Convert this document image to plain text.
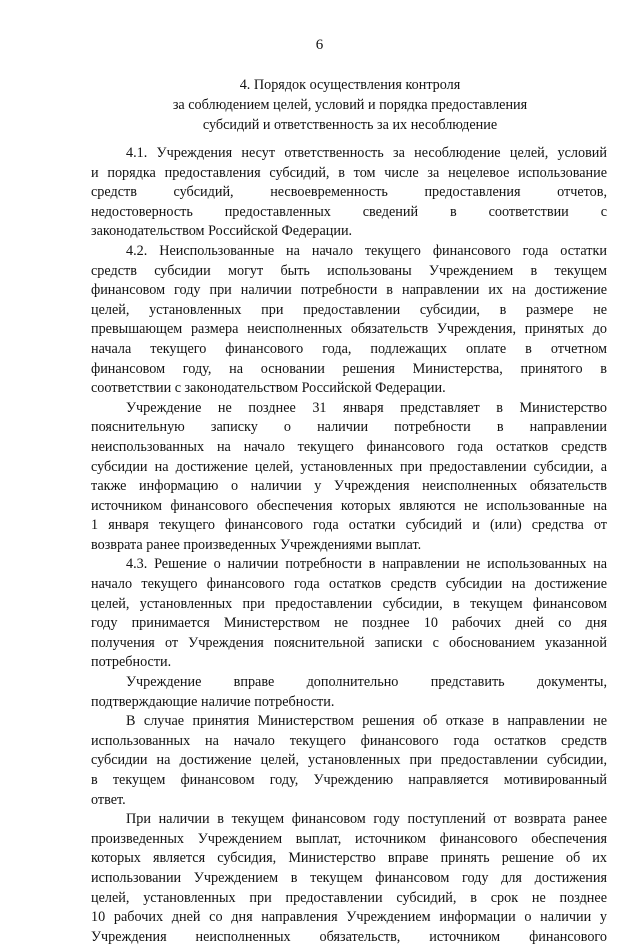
6
4. Порядок осуществления контроля
за соблюдением целей, условий и порядка предоставления
субсидий и ответственность за их несоблюдение

4.1. Учреждения несут ответственность за несоблюдение целей, условий
и порядка предоставления субсидий, в том числе за нецелевое использование
средств субсидий, несвоевременность предоставления отчетов,
недостоверность предоставленных сведений в соответствии с
законодательством Российской Федерации.

4.2. Неиспользованные на начало текущего финансового года остатки
средств субсидии могут быть использованы Учреждением в текущем
финансовом году при наличии потребности в направлении их на достижение
целей, установленных при предоставлении субсидии, в размере не
превышающем размера неисполненных обязательств Учреждения, принятых до
начала текущего финансового года, подлежащих оплате в отчетном
финансовом году, на основании решения Министерства, принятого в
соответствии с законодательством Российской Федерации.

Учреждение не позднее 31 января представляет в Министерство
пояснительную записку о наличии потребности в направлении
неиспользованных на начало текущего финансового года остатков средств
субсидии на достижение целей, установленных при предоставлении субсидии, а
также информацию о наличии у Учреждения неисполненных обязательств
источником финансового обеспечения которых являются не использованные на
1 января текущего финансового года остатки субсидий и (или) средства от
возврата ранее произведенных Учреждениями выплат.

4.3. Решение о наличии потребности в направлении не использованных на
начало текущего финансового года остатков средств субсидии на достижение
целей, установленных при предоставлении субсидии, в текущем финансовом
году принимается Министерством не позднее 10 рабочих дней со дня
получения от Учреждения пояснительной записки с обоснованием указанной
потребности.

Учреждение вправе дополнительно представить документы,
подтверждающие наличие потребности.

В случае принятия Министерством решения об отказе в направлении не
использованных на начало текущего финансового года остатков средств
субсидии на достижение целей, установленных при предоставлении субсидии,
в текущем финансовом году, Учреждению направляется мотивированный
ответ.

При наличии в текущем финансовом году поступлений от возврата ранее
произведенных Учреждением выплат, источником финансового обеспечения
которых является субсидия, Министерство вправе принять решение об их
использовании Учреждением в текущем финансовом году для достижения
целей, установленных при предоставлении субсидий, в срок не позднее
10 рабочих дней со дня направления Учреждением информации о наличии у
Учреждения неисполненных обязательств, источником финансового
